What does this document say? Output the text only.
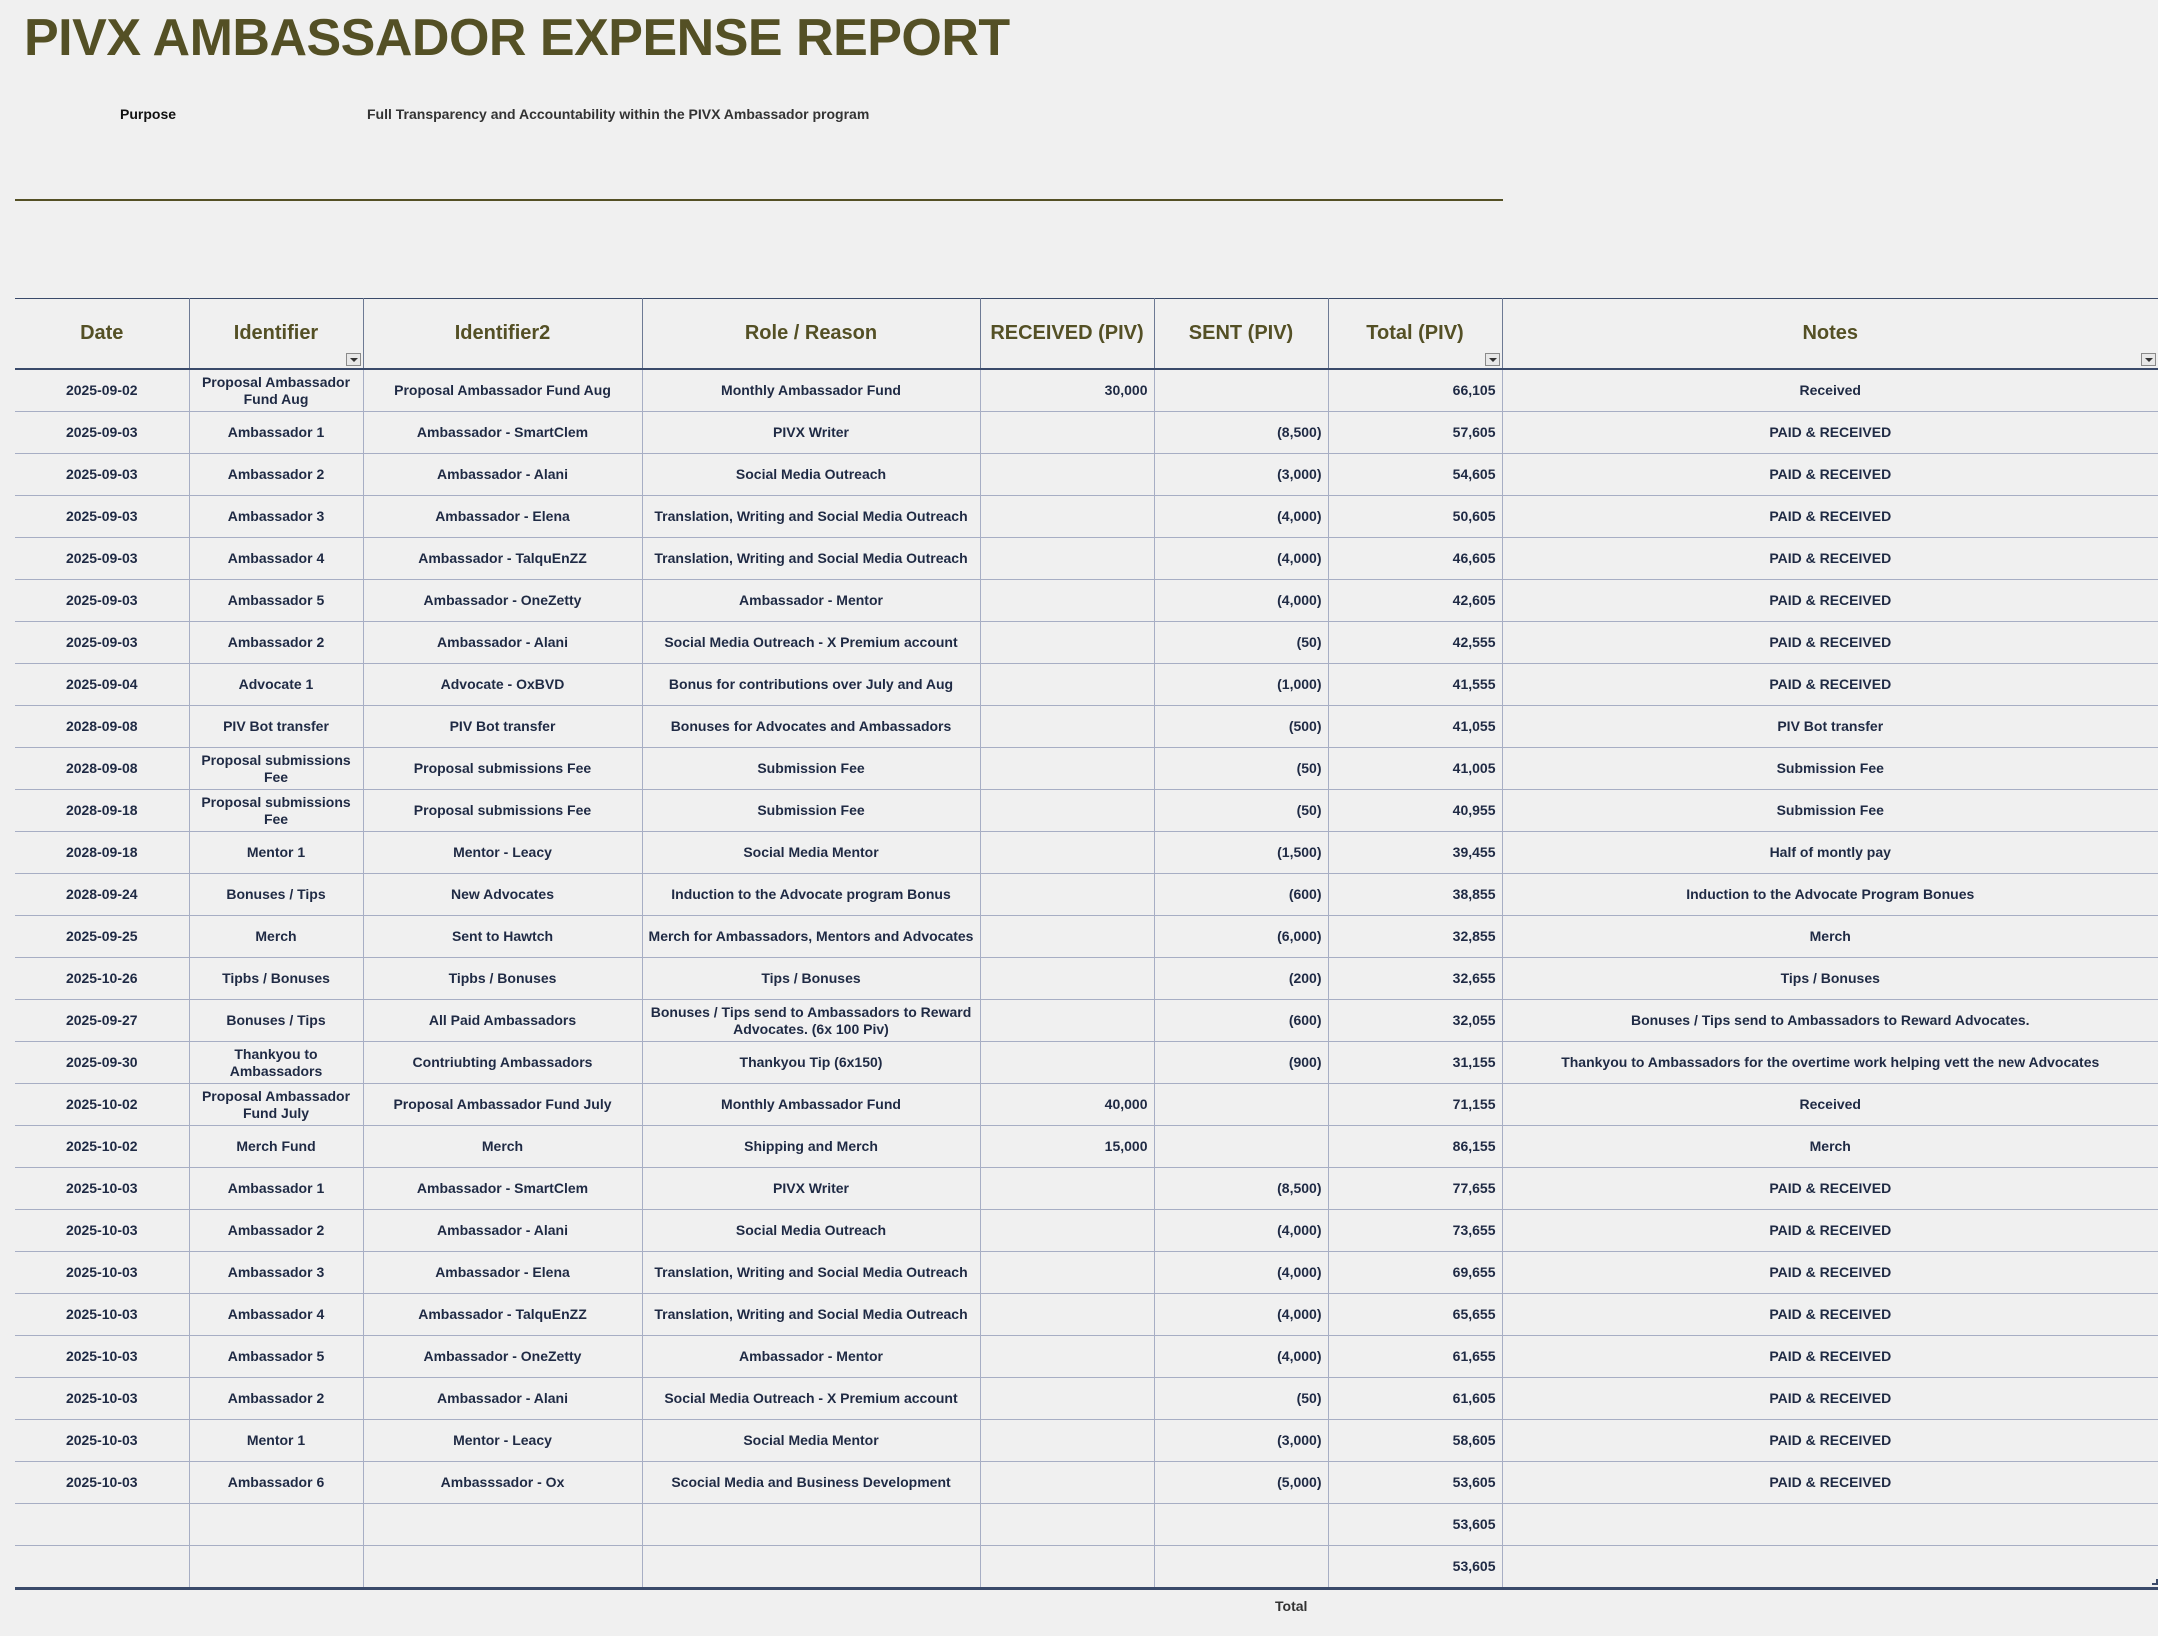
PIVX AMBASSADOR EXPENSE REPORT
Purpose	Full Transparency and Accountability within the PIVX Ambassador program
Date	Identifier	Identifier2	Role / Reason	RECEIVED (PIV)	SENT (PIV)	Total (PIV)	Notes

2025-09-02	Proposal Ambassador Fund Aug	Proposal Ambassador Fund Aug	Monthly Ambassador Fund	30,000		66,105	Received
2025-09-03	Ambassador 1	Ambassador - SmartClem	PIVX Writer		(8,500)	57,605	PAID & RECEIVED
2025-09-03	Ambassador 2	Ambassador - Alani	Social Media Outreach		(3,000)	54,605	PAID & RECEIVED
2025-09-03	Ambassador 3	Ambassador - Elena	Translation, Writing and Social Media Outreach		(4,000)	50,605	PAID & RECEIVED
2025-09-03	Ambassador 4	Ambassador - TalquEnZZ	Translation, Writing and Social Media Outreach		(4,000)	46,605	PAID & RECEIVED
2025-09-03	Ambassador 5	Ambassador - OneZetty	Ambassador - Mentor		(4,000)	42,605	PAID & RECEIVED
2025-09-03	Ambassador 2	Ambassador - Alani	Social Media Outreach - X Premium account		(50)	42,555	PAID & RECEIVED
2025-09-04	Advocate 1	Advocate - OxBVD	Bonus for contributions over July and Aug		(1,000)	41,555	PAID & RECEIVED
2028-09-08	PIV Bot transfer	PIV Bot transfer	Bonuses for Advocates and Ambassadors		(500)	41,055	PIV Bot transfer
2028-09-08	Proposal submissions Fee	Proposal submissions Fee	Submission Fee		(50)	41,005	Submission Fee
2028-09-18	Proposal submissions Fee	Proposal submissions Fee	Submission Fee		(50)	40,955	Submission Fee
2028-09-18	Mentor 1	Mentor - Leacy	Social Media Mentor		(1,500)	39,455	Half of montly pay
2028-09-24	Bonuses / Tips	New Advocates	Induction to the Advocate program Bonus		(600)	38,855	Induction to the Advocate Program Bonues
2025-09-25	Merch	Sent to Hawtch	Merch for Ambassadors, Mentors and Advocates		(6,000)	32,855	Merch
2025-10-26	Tipbs / Bonuses	Tipbs / Bonuses	Tips / Bonuses		(200)	32,655	Tips / Bonuses
2025-09-27	Bonuses / Tips	All Paid Ambassadors	Bonuses / Tips send to Ambassadors to Reward Advocates. (6x 100 Piv)		(600)	32,055	Bonuses / Tips send to Ambassadors to Reward Advocates.
2025-09-30	Thankyou to Ambassadors	Contriubting Ambassadors	Thankyou Tip (6x150)		(900)	31,155	Thankyou to Ambassadors for the overtime work helping vett the new Advocates
2025-10-02	Proposal Ambassador Fund July	Proposal Ambassador Fund July	Monthly Ambassador Fund	40,000		71,155	Received
2025-10-02	Merch Fund	Merch	Shipping and Merch	15,000		86,155	Merch
2025-10-03	Ambassador 1	Ambassador - SmartClem	PIVX Writer		(8,500)	77,655	PAID & RECEIVED
2025-10-03	Ambassador 2	Ambassador - Alani	Social Media Outreach		(4,000)	73,655	PAID & RECEIVED
2025-10-03	Ambassador 3	Ambassador - Elena	Translation, Writing and Social Media Outreach		(4,000)	69,655	PAID & RECEIVED
2025-10-03	Ambassador 4	Ambassador - TalquEnZZ	Translation, Writing and Social Media Outreach		(4,000)	65,655	PAID & RECEIVED
2025-10-03	Ambassador 5	Ambassador - OneZetty	Ambassador - Mentor		(4,000)	61,655	PAID & RECEIVED
2025-10-03	Ambassador 2	Ambassador - Alani	Social Media Outreach - X Premium account		(50)	61,605	PAID & RECEIVED
2025-10-03	Mentor 1	Mentor - Leacy	Social Media Mentor		(3,000)	58,605	PAID & RECEIVED
2025-10-03	Ambassador 6	Ambasssador - Ox	Scocial Media and Business Development		(5,000)	53,605	PAID & RECEIVED
						53,605	
						53,605	
Total
